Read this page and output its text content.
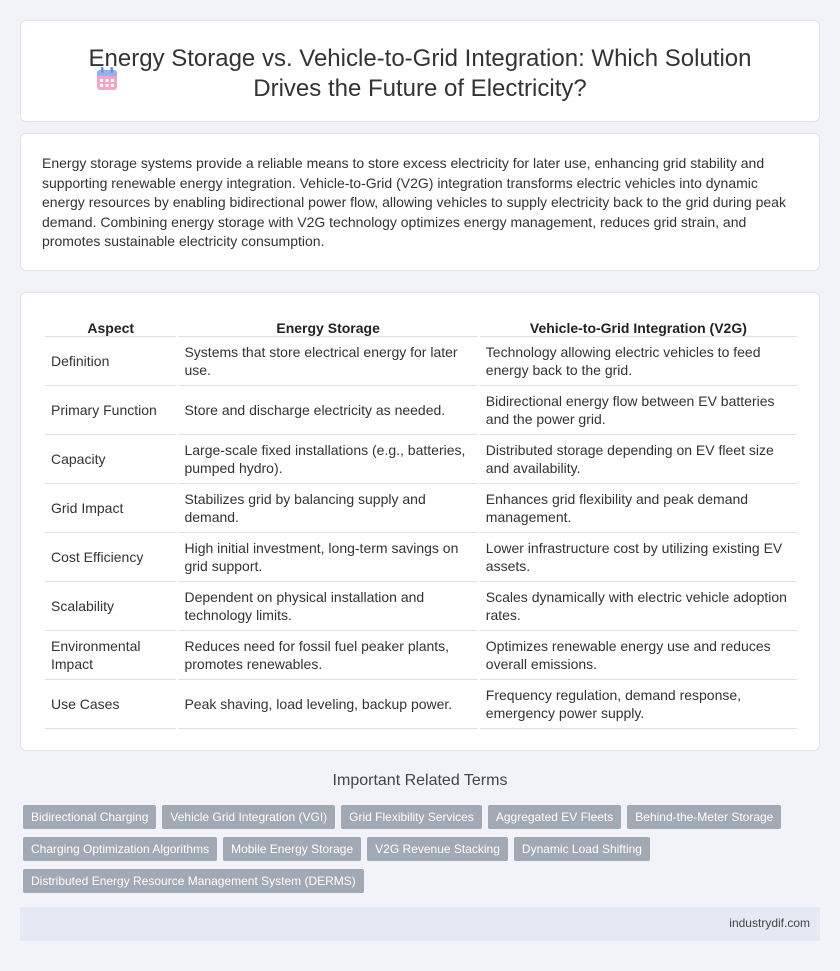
Energy Storage vs. Vehicle-to-Grid Integration: Which Solution Drives the Future of Electricity?

Energy storage systems provide a reliable means to store excess electricity for later use, enhancing grid stability and supporting renewable energy integration. Vehicle-to-Grid (V2G) integration transforms electric vehicles into dynamic energy resources by enabling bidirectional power flow, allowing vehicles to supply electricity back to the grid during peak demand. Combining energy storage with V2G technology optimizes energy management, reduces grid strain, and promotes sustainable electricity consumption.

Aspect	Energy Storage	Vehicle-to-Grid Integration (V2G)
Definition	Systems that store electrical energy for later use.	Technology allowing electric vehicles to feed energy back to the grid.
Primary Function	Store and discharge electricity as needed.	Bidirectional energy flow between EV batteries and the power grid.
Capacity	Large-scale fixed installations (e.g., batteries, pumped hydro).	Distributed storage depending on EV fleet size and availability.
Grid Impact	Stabilizes grid by balancing supply and demand.	Enhances grid flexibility and peak demand management.
Cost Efficiency	High initial investment, long-term savings on grid support.	Lower infrastructure cost by utilizing existing EV assets.
Scalability	Dependent on physical installation and technology limits.	Scales dynamically with electric vehicle adoption rates.
Environmental Impact	Reduces need for fossil fuel peaker plants, promotes renewables.	Optimizes renewable energy use and reduces overall emissions.
Use Cases	Peak shaving, load leveling, backup power.	Frequency regulation, demand response, emergency power supply.
Important Related Terms
Bidirectional Charging	Vehicle Grid Integration (VGI)	Grid Flexibility Services	Aggregated EV Fleets	Behind-the-Meter Storage
Charging Optimization Algorithms	Mobile Energy Storage	V2G Revenue Stacking	Dynamic Load Shifting
Distributed Energy Resource Management System (DERMS)
industrydif.com
